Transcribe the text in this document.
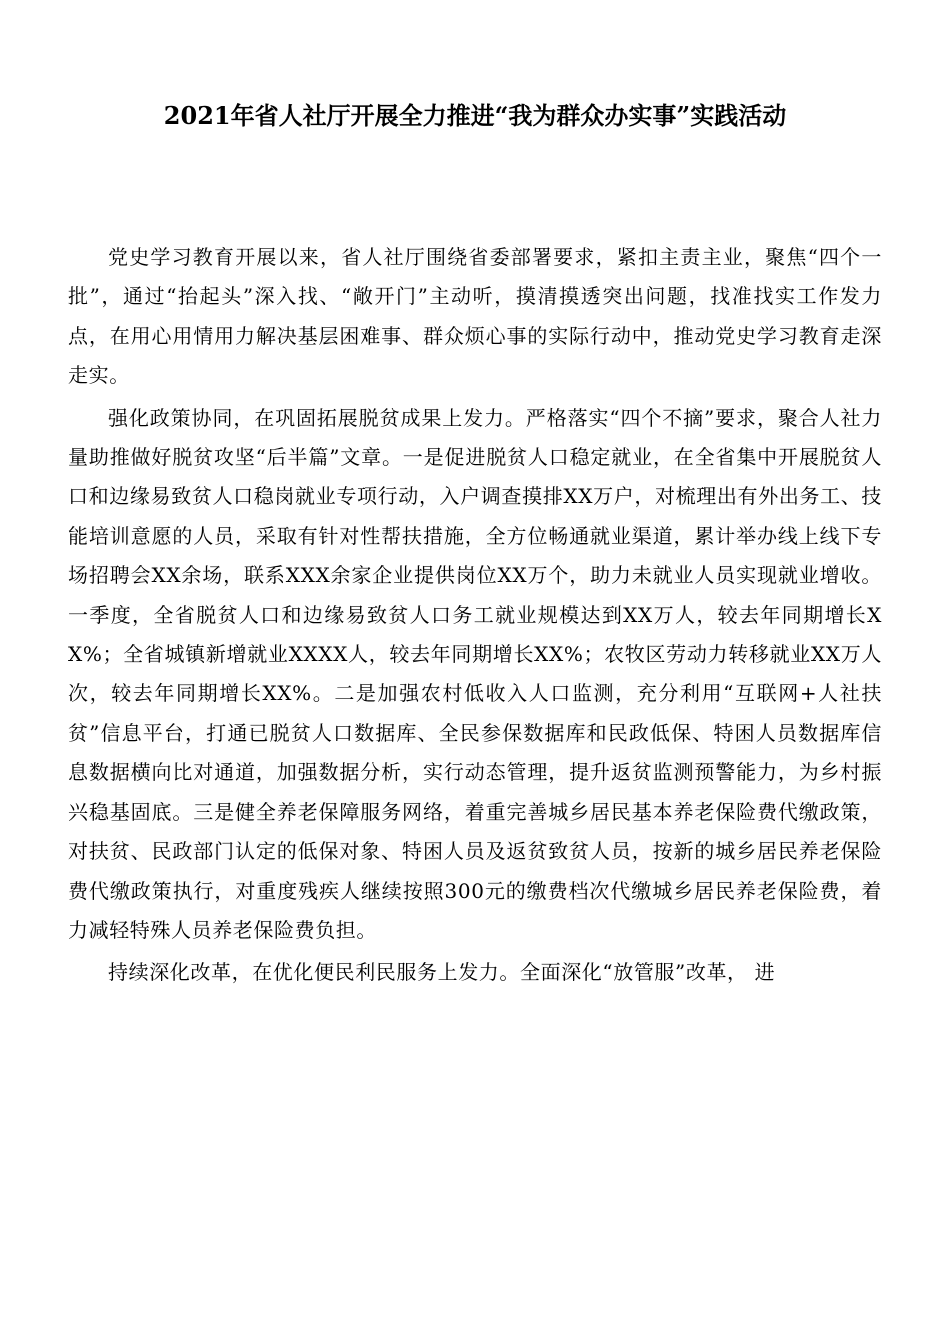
2021年省人社厅开展全力推进“我为群众办实事”实践活动

党史学习教育开展以来，省人社厅围绕省委部署要求，紧扣主责主业，聚焦“四个一批”，通过“抬起头”深入找、“敞开门”主动听，摸清摸透突出问题，找准找实工作发力点，在用心用情用力解决基层困难事、群众烦心事的实际行动中，推动党史学习教育走深走实。

强化政策协同，在巩固拓展脱贫成果上发力。严格落实“四个不摘”要求，聚合人社力量助推做好脱贫攻坚“后半篇”文章。一是促进脱贫人口稳定就业，在全省集中开展脱贫人口和边缘易致贫人口稳岗就业专项行动，入户调查摸排XX万户，对梳理出有外出务工、技能培训意愿的人员，采取有针对性帮扶措施，全方位畅通就业渠道，累计举办线上线下专场招聘会XX余场，联系XXX余家企业提供岗位XX万个，助力未就业人员实现就业增收。一季度，全省脱贫人口和边缘易致贫人口务工就业规模达到XX万人，较去年同期增长XX%；全省城镇新增就业XXXX人，较去年同期增长XX%；农牧区劳动力转移就业XX万人次，较去年同期增长XX%。二是加强农村低收入人口监测，充分利用“互联网+人社扶贫”信息平台，打通已脱贫人口数据库、全民参保数据库和民政低保、特困人员数据库信息数据横向比对通道，加强数据分析，实行动态管理，提升返贫监测预警能力，为乡村振兴稳基固底。三是健全养老保障服务网络，着重完善城乡居民基本养老保险费代缴政策，对扶贫、民政部门认定的低保对象、特困人员及返贫致贫人员，按新的城乡居民养老保险费代缴政策执行，对重度残疾人继续按照300元的缴费档次代缴城乡居民养老保险费，着力减轻特殊人员养老保险费负担。

持续深化改革，在优化便民利民服务上发力。全面深化“放管服”改革， 进
